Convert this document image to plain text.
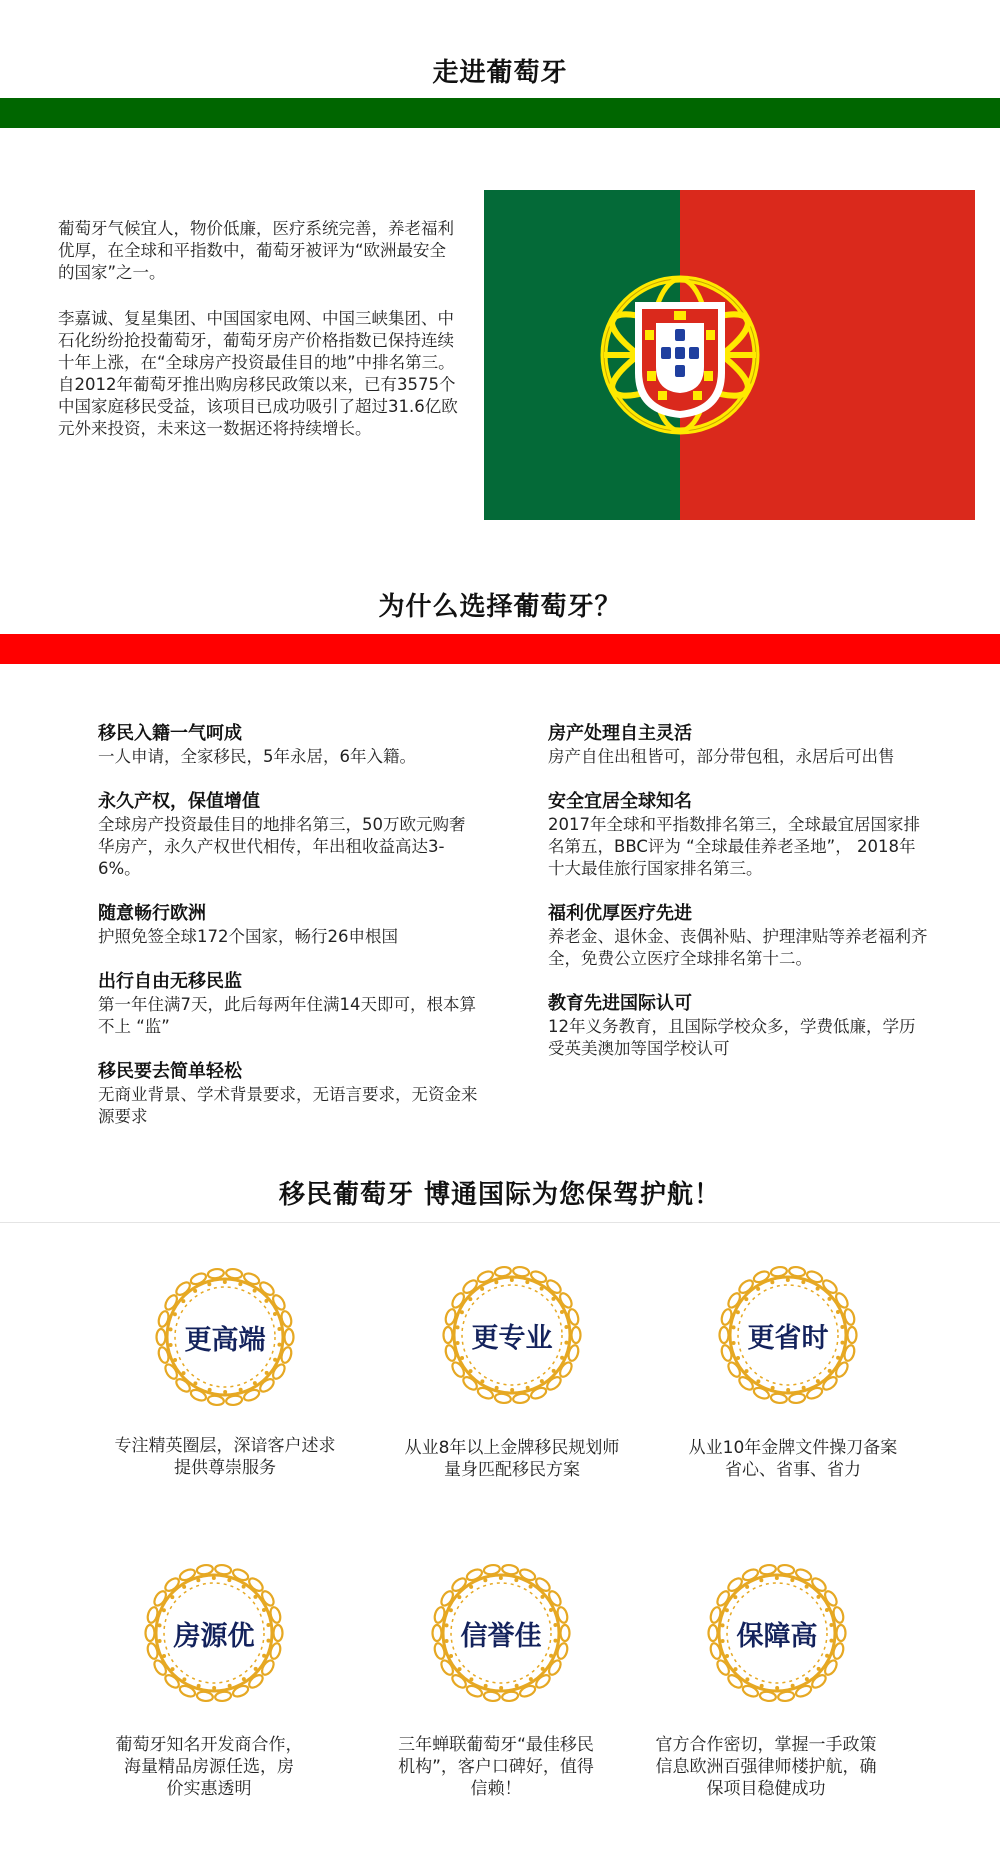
走进葡萄牙

葡萄牙气候宜人，物价低廉，医疗系统完善，养老福利优厚，在全球和平指数中，葡萄牙被评为“欧洲最安全的国家”之一。

李嘉诚、复星集团、中国国家电网、中国三峡集团、中石化纷纷抢投葡萄牙，葡萄牙房产价格指数已保持连续十年上涨，在“全球房产投资最佳目的地”中排名第三。自2012年葡萄牙推出购房移民政策以来，已有3575个中国家庭移民受益，该项目已成功吸引了超过31.6亿欧元外来投资，未来这一数据还将持续增长。

为什么选择葡萄牙？
移民入籍一气呵成
一人申请，全家移民，5年永居，6年入籍。
永久产权，保值增值
全球房产投资最佳目的地排名第三，50万欧元购奢华房产，永久产权世代相传，年出租收益高达3-6%。
随意畅行欧洲
护照免签全球172个国家，畅行26申根国
出行自由无移民监
第一年住满7天，此后每两年住满14天即可，根本算不上 “监”
移民要去简单轻松
无商业背景、学术背景要求，无语言要求，无资金来源要求
房产处理自主灵活
房产自住出租皆可，部分带包租，永居后可出售
安全宜居全球知名
2017年全球和平指数排名第三，全球最宜居国家排名第五，BBC评为 “全球最佳养老圣地”， 2018年十大最佳旅行国家排名第三。
福利优厚医疗先进
养老金、退休金、丧偶补贴、护理津贴等养老福利齐全，免费公立医疗全球排名第十二。
教育先进国际认可
12年义务教育，且国际学校众多，学费低廉，学历受英美澳加等国学校认可
移民葡萄牙 博通国际为您保驾护航！
更高端	更专业	更省时
专注精英圈层，深谙客户述求
提供尊崇服务
从业8年以上金牌移民规划师
量身匹配移民方案
从业10年金牌文件操刀备案
省心、省事、省力
房源优	信誉佳	保障高
葡萄牙知名开发商合作，
海量精品房源任选，房
价实惠透明
三年蝉联葡萄牙“最佳移民
机构”，客户口碑好，值得
信赖！
官方合作密切，掌握一手政策
信息欧洲百强律师楼护航，确
保项目稳健成功
